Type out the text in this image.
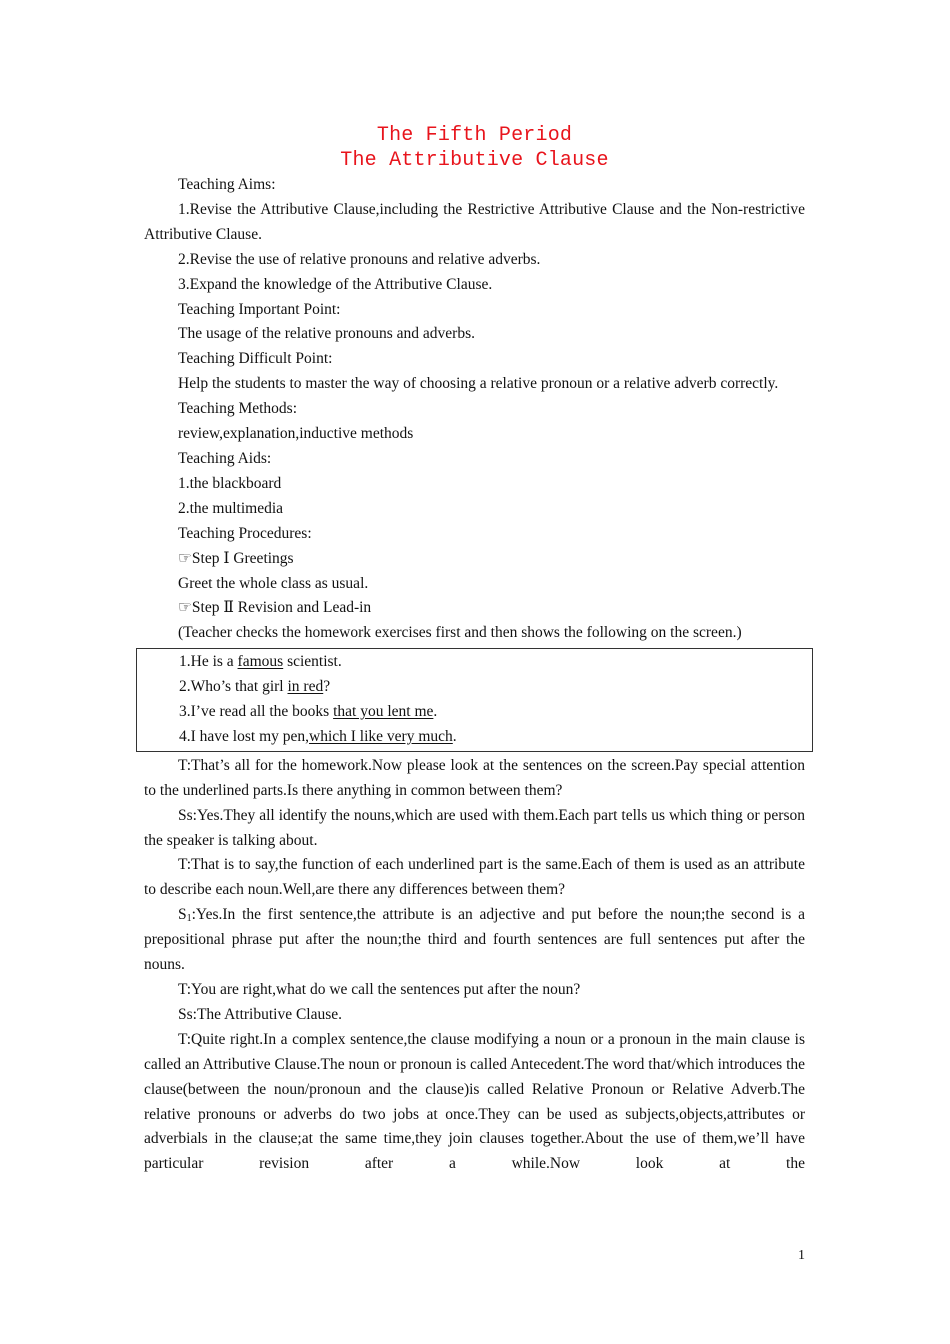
The Fifth Period
The Attributive Clause
Teaching Aims:
1.Revise the Attributive Clause,including the Restrictive Attributive Clause and the Non-restrictive Attributive Clause.
2.Revise the use of relative pronouns and relative adverbs.
3.Expand the knowledge of the Attributive Clause.
Teaching Important Point:
The usage of the relative pronouns and adverbs.
Teaching Difficult Point:
Help the students to master the way of choosing a relative pronoun or a relative adverb correctly.
Teaching Methods:
review,explanation,inductive methods
Teaching Aids:
1.the blackboard
2.the multimedia
Teaching Procedures:
☞Step Ⅰ Greetings
Greet the whole class as usual.
☞Step Ⅱ Revision and Lead-in
(Teacher checks the homework exercises first and then shows the following on the screen.)
1.He is a famous scientist.
2.Who’s that girl in red?
3.I’ve read all the books that you lent me.
4.I have lost my pen,which I like very much.
T:That’s all for the homework.Now please look at the sentences on the screen.Pay special attention to the underlined parts.Is there anything in common between them?
Ss:Yes.They all identify the nouns,which are used with them.Each part tells us which thing or person the speaker is talking about.
T:That is to say,the function of each underlined part is the same.Each of them is used as an attribute to describe each noun.Well,are there any differences between them?
$S_1:Yes.In$ the first sentence,the attribute is an adjective and put before the noun;the second is a prepositional phrase put after the noun;the third and fourth sentences are full sentences put after the nouns.
T:You are right,what do we call the sentences put after the noun?
Ss:The Attributive Clause.
T:Quite right.In a complex sentence,the clause modifying a noun or a pronoun in the main clause is called an Attributive Clause.The noun or pronoun is called Antecedent.The word that/which introduces the clause(between the noun/pronoun and the clause)is called Relative Pronoun or Relative Adverb.The relative pronouns or adverbs do two jobs at once.They can be used as subjects,objects,attributes or adverbials in the clause;at the same time,they join clauses together.About the use of them,we’ll have particular revision after a while.Now look at the
1
